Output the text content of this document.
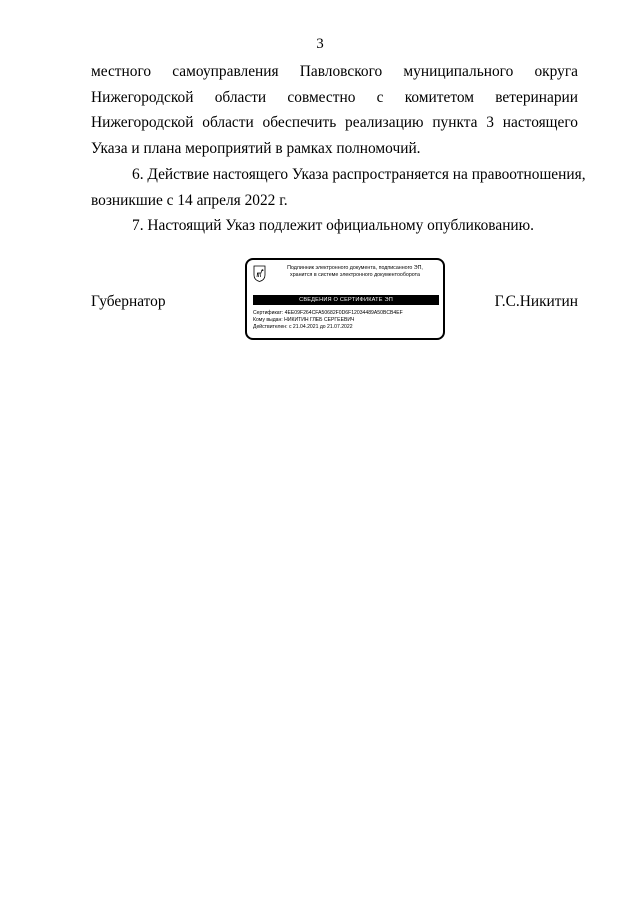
3
местного самоуправления Павловского муниципального округа
Нижегородской области совместно с комитетом ветеринарии
Нижегородской области обеспечить реализацию пункта 3 настоящего
Указа и плана мероприятий в рамках полномочий.
6. Действие настоящего Указа распространяется на правоотношения,
возникшие с 14 апреля 2022 г.
7. Настоящий Указ подлежит официальному опубликованию.
Губернатор
Подлинник электронного документа, подписанного ЭП,
хранится в системе электронного документооборота
СВЕДЕНИЯ О СЕРТИФИКАТЕ ЭП
Сертификат: 4EE09F264CFA50682F0D6F12034489A50BCB4EF
Кому выдан: НИКИТИН ГЛЕБ СЕРГЕЕВИЧ
Действителен: с 21.04.2021 до 21.07.2022
Г.С.Никитин
